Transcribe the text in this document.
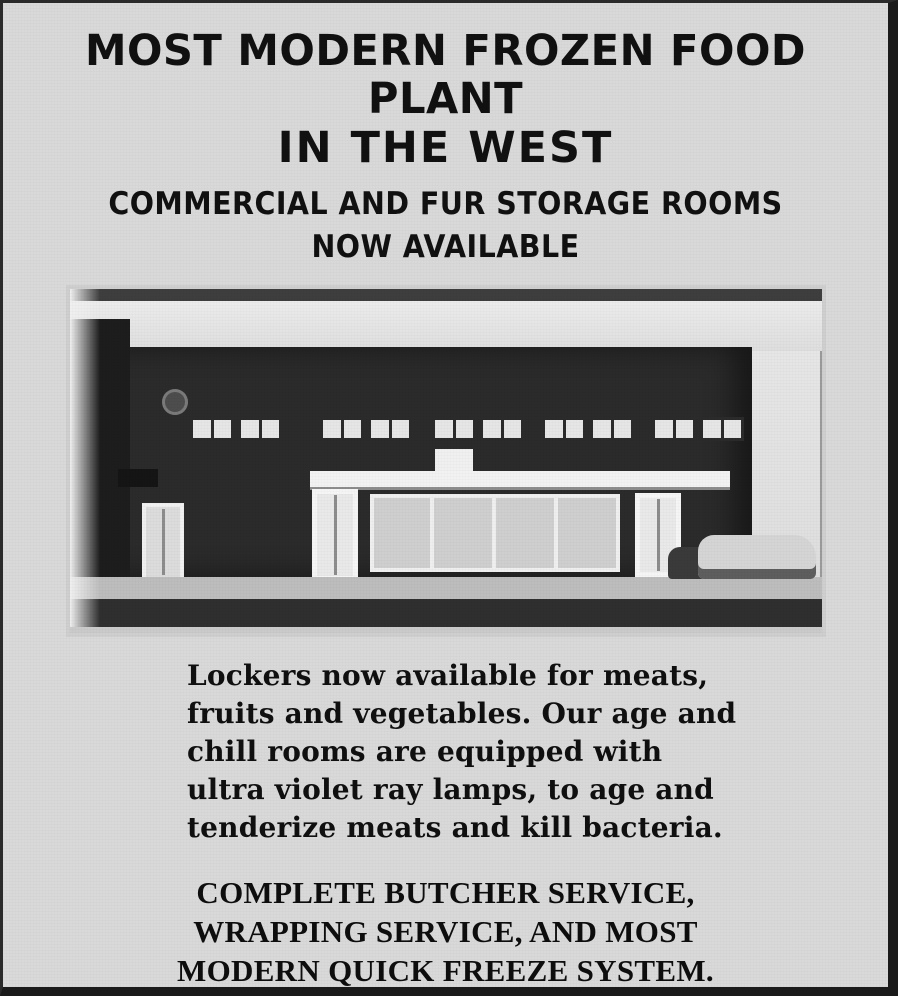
MOST MODERN FROZEN FOOD PLANT
IN THE WEST
COMMERCIAL AND FUR STORAGE ROOMS
NOW AVAILABLE
Lockers now available for meats, fruits and vegetables. Our age and chill rooms are equipped with ultra violet ray lamps, to age and tenderize meats and kill bacteria.
COMPLETE BUTCHER SERVICE,
WRAPPING SERVICE, AND MOST
MODERN QUICK FREEZE SYSTEM.
